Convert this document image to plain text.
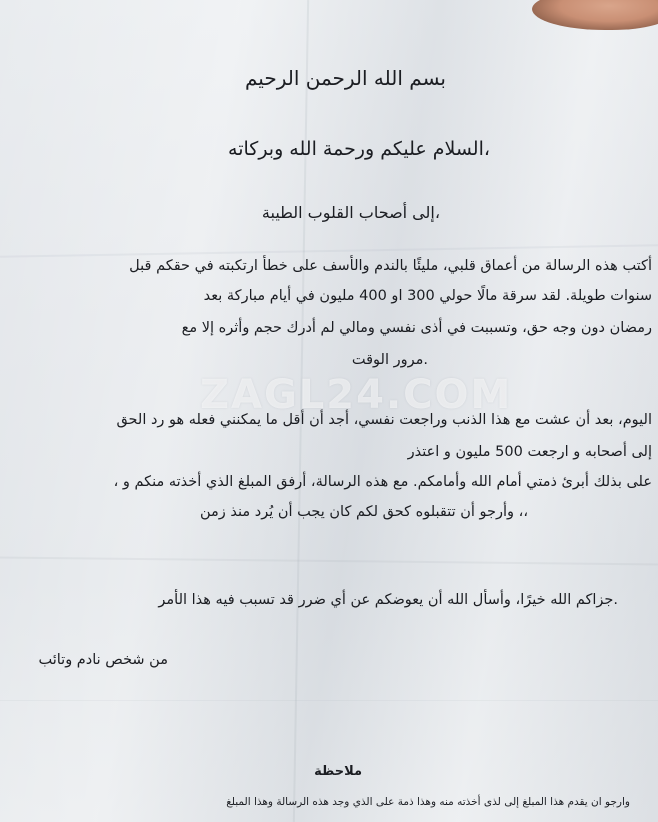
بسم الله الرحمن الرحيم

،السلام عليكم ورحمة الله وبركاته

،إلى أصحاب القلوب الطيبة

أكتب هذه الرسالة من أعماق قلبي، مليئًا بالندم والأسف على خطأ ارتكبته في حقكم قبل

سنوات طويلة. لقد سرقة مالًا حولي 300 او 400 مليون في أيام مباركة بعد

رمضان دون وجه حق، وتسببت في أذى نفسي ومالي لم أدرك حجم وأثره إلا مع

.مرور الوقت

اليوم، بعد أن عشت مع هذا الذنب وراجعت نفسي، أجد أن أقل ما يمكنني فعله هو رد الحق

إلى أصحابه و ارجعت 500 مليون و اعتذر

على بذلك أبرئ ذمتي أمام الله وأمامكم. مع هذه الرسالة، أرفق المبلغ الذي أخذته منكم و ،

،، وأرجو أن تتقبلوه كحق لكم كان يجب أن يُرد منذ زمن

.جزاكم الله خيرًا، وأسأل الله أن يعوضكم عن أي ضرر قد تسبب فيه هذا الأمر

من شخص نادم وتائب

ملاحظة

وارجو ان يقدم هذا المبلغ إلى لذى أخذته منه وهذا ذمة على الذي وجد هذه الرسالة وهذا المبلغ

ZAGL24.COM
